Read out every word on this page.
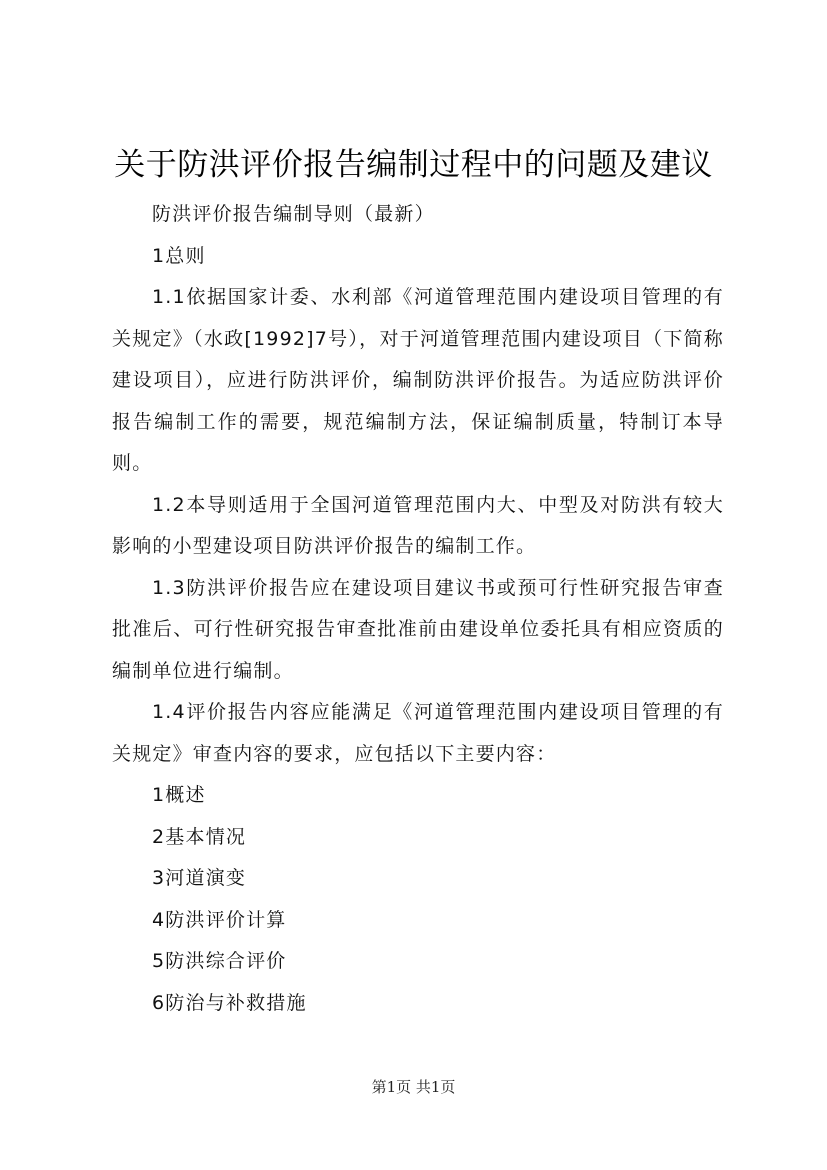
关于防洪评价报告编制过程中的问题及建议

防洪评价报告编制导则（最新）

1总则

1.1依据国家计委、水利部《河道管理范围内建设项目管理的有关规定》（水政[1992]7号），对于河道管理范围内建设项目（下简称建设项目），应进行防洪评价，编制防洪评价报告。为适应防洪评价报告编制工作的需要，规范编制方法，保证编制质量，特制订本导则。

1.2本导则适用于全国河道管理范围内大、中型及对防洪有较大影响的小型建设项目防洪评价报告的编制工作。

1.3防洪评价报告应在建设项目建议书或预可行性研究报告审查批准后、可行性研究报告审查批准前由建设单位委托具有相应资质的编制单位进行编制。

1.4评价报告内容应能满足《河道管理范围内建设项目管理的有关规定》审查内容的要求，应包括以下主要内容：

1概述

2基本情况

3河道演变

4防洪评价计算

5防洪综合评价

6防治与补救措施

第1页 共1页
